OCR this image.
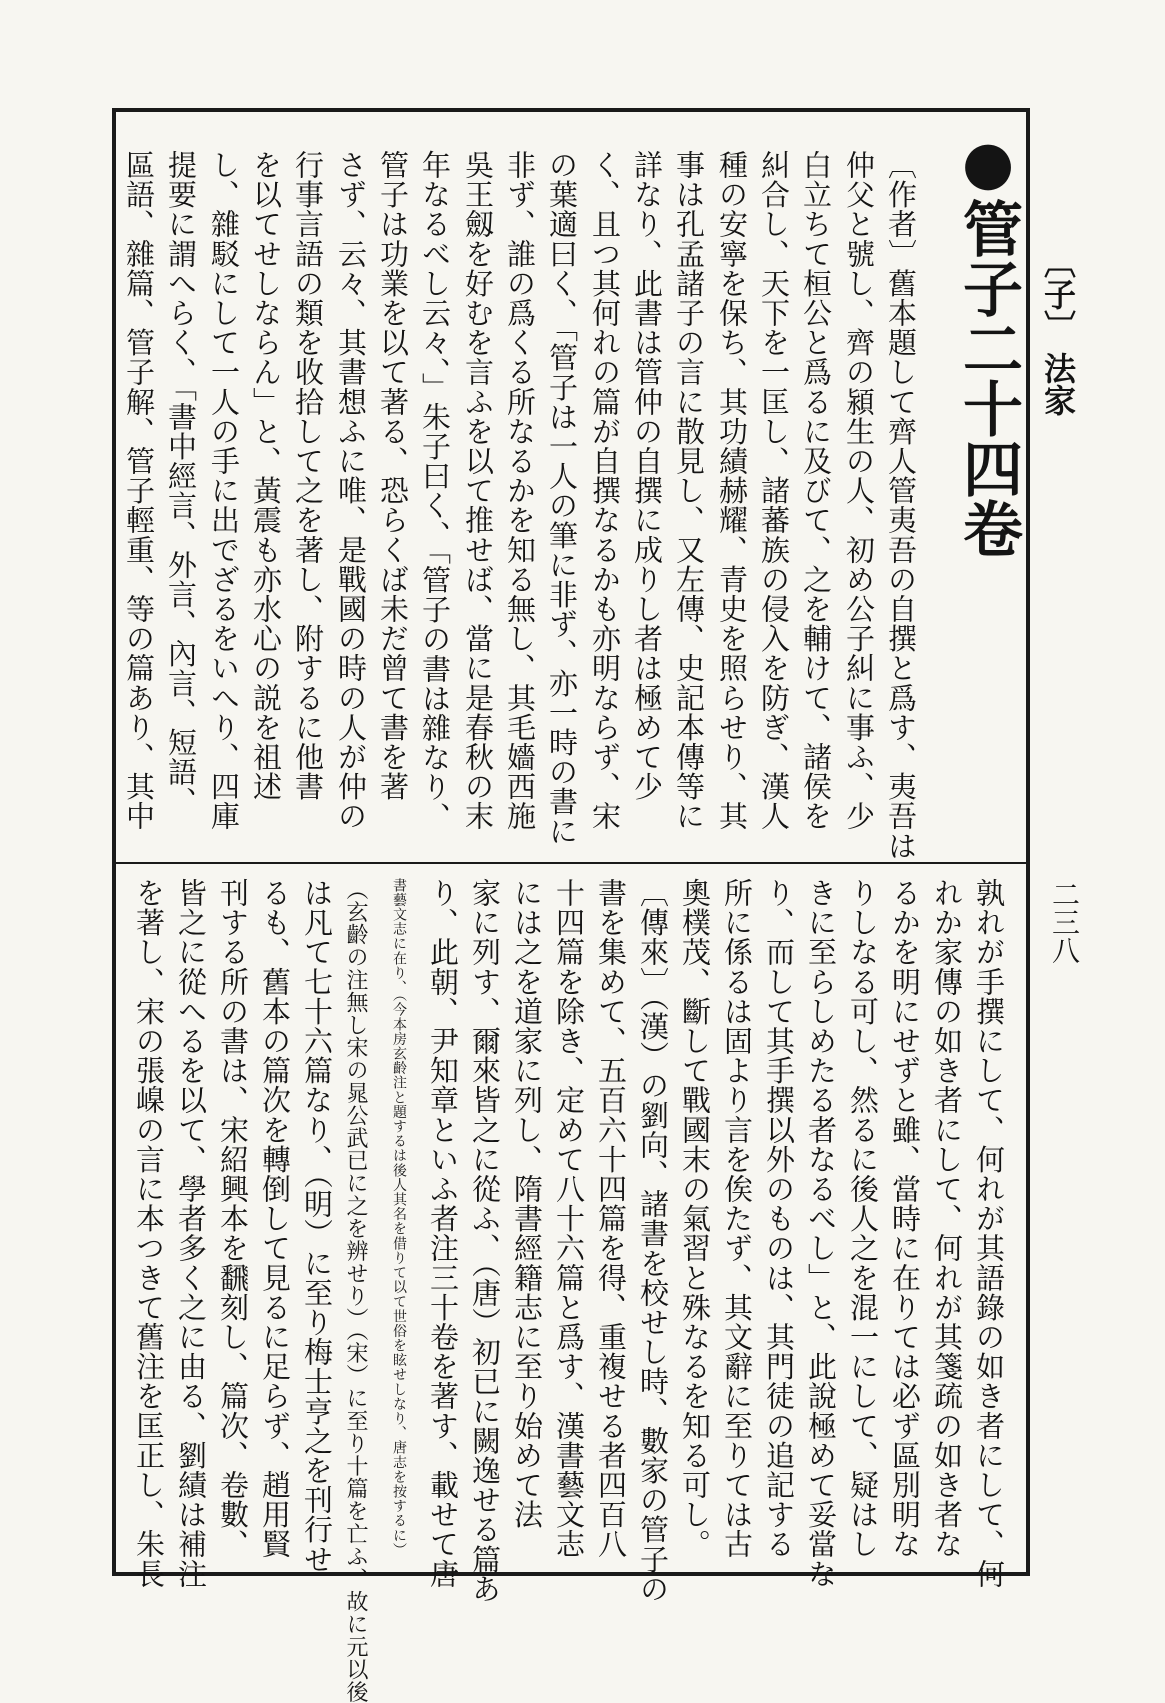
〔子〕
法家
二三八
●管子二十四卷
〔作者〕舊本題して齊人管夷吾の自撰と爲す、夷吾は
仲父と號し、齊の潁生の人、初め公子糾に事ふ、少
白立ちて桓公と爲るに及びて、之を輔けて、諸侯を
糾合し、天下を一匡し、諸蕃族の侵入を防ぎ、漢人
種の安寧を保ち、其功績赫耀、青史を照らせり、其
事は孔孟諸子の言に散見し、又左傳、史記本傳等に
詳なり、此書は管仲の自撰に成りし者は極めて少
く、且つ其何れの篇が自撰なるかも亦明ならず、宋
の葉適曰く、「管子は一人の筆に非ず、亦一時の書に
非ず、誰の爲くる所なるかを知る無し、其毛嬙西施
吳王劔を好むを言ふを以て推せば、當に是春秋の末
年なるべし云々、」朱子曰く、「管子の書は雜なり、
管子は功業を以て著る、恐らくば未だ曾て書を著
さず、云々、其書想ふに唯、是戰國の時の人が仲の
行事言語の類を收拾して之を著し、附するに他書
を以てせしならん」と、黃震も亦水心の説を祖述
し、雜駁にして一人の手に出でざるをいへり、四庫
提要に謂へらく、「書中經言、外言、內言、短語、
區語、雜篇、管子解、管子輕重、等の篇あり、其中
孰れが手撰にして、何れが其語錄の如き者にして、何
れか家傳の如き者にして、何れが其箋疏の如き者な
るかを明にせずと雖、當時に在りては必ず區別明な
りしなる可し、然るに後人之を混一にして、疑はし
きに至らしめたる者なるべし」と、此說極めて妥當な
り、而して其手撰以外のものは、其門徒の追記する
所に係るは固より言を俟たず、其文辭に至りては古
奧樸茂、斷して戰國末の氣習と殊なるを知る可し。
〔傳來〕（漢）の劉向、諸書を校せし時、數家の管子の
書を集めて、五百六十四篇を得、重複せる者四百八
十四篇を除き、定めて八十六篇と爲す、漢書藝文志
には之を道家に列し、隋書經籍志に至り始めて法
家に列す、爾來皆之に從ふ、（唐）初已に闕逸せる篇あ
り、此朝、尹知章といふ者注三十卷を著す、載せて唐
書藝文志に在り、（今本房玄齡注と題するは後人其名を借りて以て世俗を眩せしなり、唐志を按するに）
（玄齡の注無し宋の晁公武已に之を辨せり）（宋）に至り十篇を亡ふ、故に元以後
は凡て七十六篇なり、（明）に至り梅士亨之を刊行せ
るも、舊本の篇次を轉倒して見るに足らず、趙用賢
刊する所の書は、宋紹興本を飜刻し、篇次、卷數、
皆之に從へるを以て、學者多く之に由る、劉績は補注
を著し、宋の張嵲の言に本つきて舊注を匡正し、朱長
